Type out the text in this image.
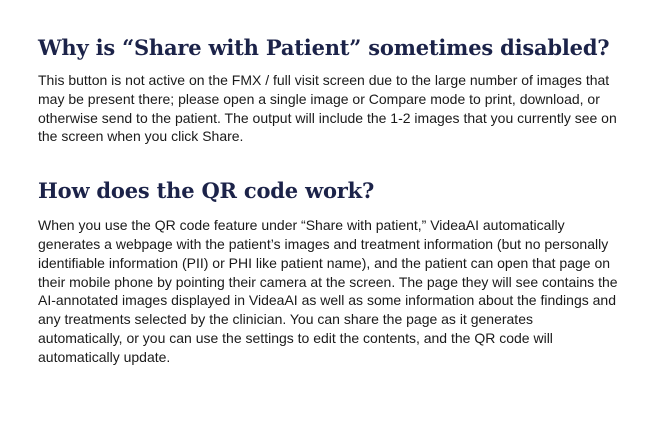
Why is “Share with Patient” sometimes disabled?

This button is not active on the FMX / full visit screen due to the large number of images that may be present there; please open a single image or Compare mode to print, download, or otherwise send to the patient. The output will include the 1-2 images that you currently see on the screen when you click Share.

How does the QR code work?

When you use the QR code feature under “Share with patient,” VideaAI automatically generates a webpage with the patient’s images and treatment information (but no personally identifiable information (PII) or PHI like patient name), and the patient can open that page on their mobile phone by pointing their camera at the screen. The page they will see contains the AI-annotated images displayed in VideaAI as well as some information about the findings and any treatments selected by the clinician. You can share the page as it generates automatically, or you can use the settings to edit the contents, and the QR code will automatically update.
